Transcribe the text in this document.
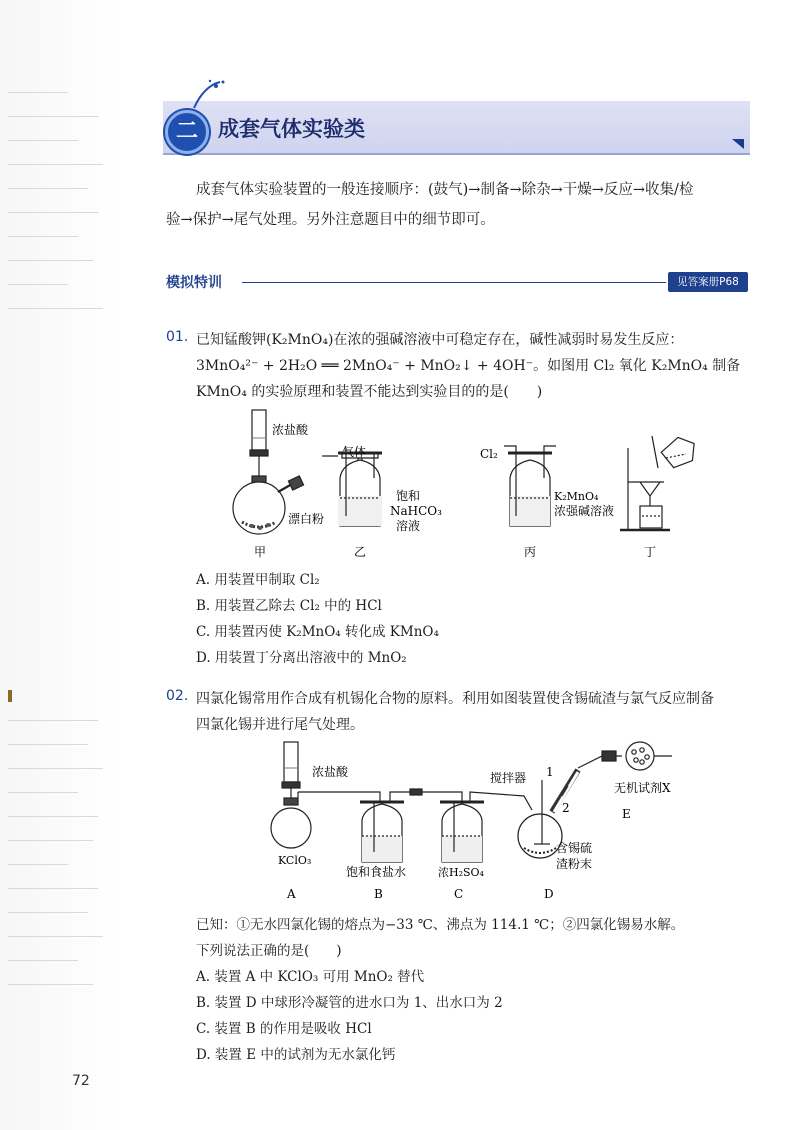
二 成套气体实验类
成套气体实验装置的一般连接顺序：(鼓气)→制备→除杂→干燥→反应→收集/检
验→保护→尾气处理。另外注意题目中的细节即可。
模拟特训	见答案册P68
01. 已知锰酸钾(K₂MnO₄)在浓的强碱溶液中可稳定存在，碱性减弱时易发生反应：
3MnO₄²⁻ + 2H₂O ══ 2MnO₄⁻ + MnO₂↓ + 4OH⁻。如图用 Cl₂ 氧化 K₂MnO₄ 制备
KMnO₄ 的实验原理和装置不能达到实验目的的是(　　)
浓盐酸
漂白粉
甲
气体
饱和
NaHCO₃
溶液
乙
Cl₂
K₂MnO₄
浓强碱溶液
丙	丁
A. 用装置甲制取 Cl₂
B. 用装置乙除去 Cl₂ 中的 HCl
C. 用装置丙使 K₂MnO₄ 转化成 KMnO₄
D. 用装置丁分离出溶液中的 MnO₂
02. 四氯化锡常用作合成有机锡化合物的原料。利用如图装置使含锡硫渣与氯气反应制备
四氯化锡并进行尾气处理。
浓盐酸
KClO₃
饱和食盐水	浓H₂SO₄
搅拌器 1
2
含锡硫
渣粉末
无机试剂X
A	B	C	D
E
已知：①无水四氯化锡的熔点为−33 ℃、沸点为 114.1 ℃；②四氯化锡易水解。
下列说法正确的是(　　)
A. 装置 A 中 KClO₃ 可用 MnO₂ 替代
B. 装置 D 中球形冷凝管的进水口为 1、出水口为 2
C. 装置 B 的作用是吸收 HCl
D. 装置 E 中的试剂为无水氯化钙
72
